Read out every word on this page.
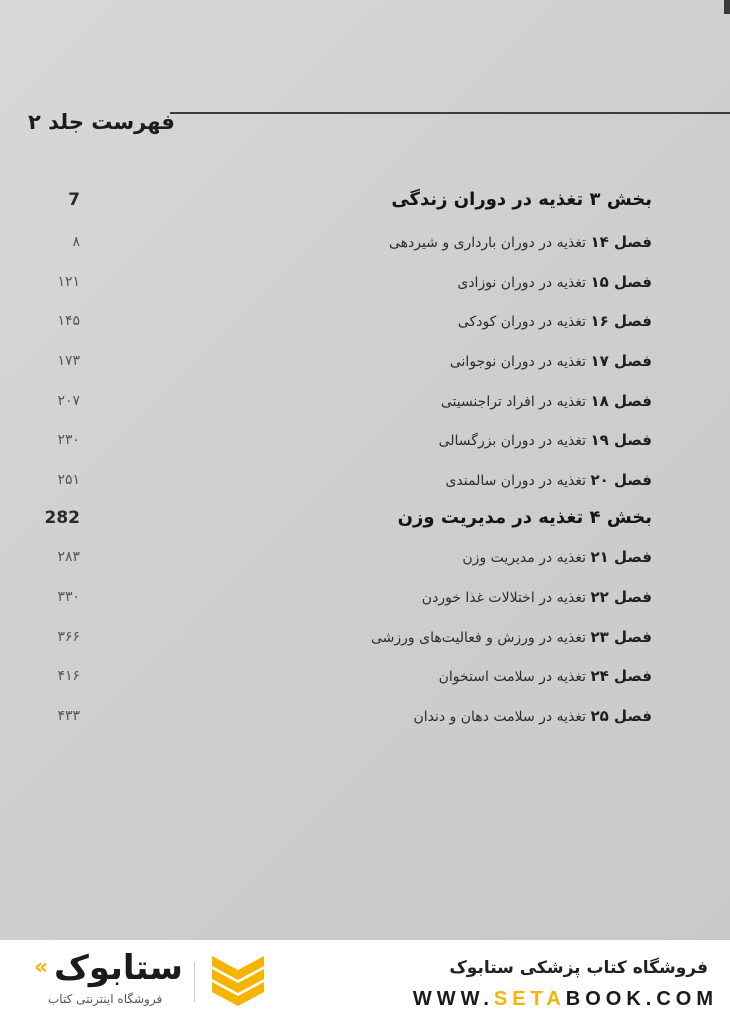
فهرست جلد ۲
بخش ۳ تغذیه در دوران زندگی
7
فصل ۱۴ تغذیه در دوران بارداری و شیردهی
۸
فصل ۱۵ تغذیه در دوران نوزادی
۱۲۱
فصل ۱۶ تغذیه در دوران کودکی
۱۴۵
فصل ۱۷ تغذیه در دوران نوجوانی
۱۷۳
فصل ۱۸ تغذیه در افراد تراجنسیتی
۲۰۷
فصل ۱۹ تغذیه در دوران بزرگسالی
۲۳۰
فصل ۲۰ تغذیه در دوران سالمندی
۲۵۱
بخش ۴ تغذیه در مدیریت وزن
282
فصل ۲۱ تغذیه در مدیریت وزن
۲۸۳
فصل ۲۲ تغذیه در اختلالات غذا خوردن
۳۳۰
فصل ۲۳ تغذیه در ورزش و فعالیت‌های ورزشی
۳۶۶
فصل ۲۴ تغذیه در سلامت استخوان
۴۱۶
فصل ۲۵ تغذیه در سلامت دهان و دندان
۴۳۳
فروشگاه کتاب پزشکی ستابوک
WWW.SETABOOK.COM
« ستابوک
فروشگاه اینترنتی کتاب
